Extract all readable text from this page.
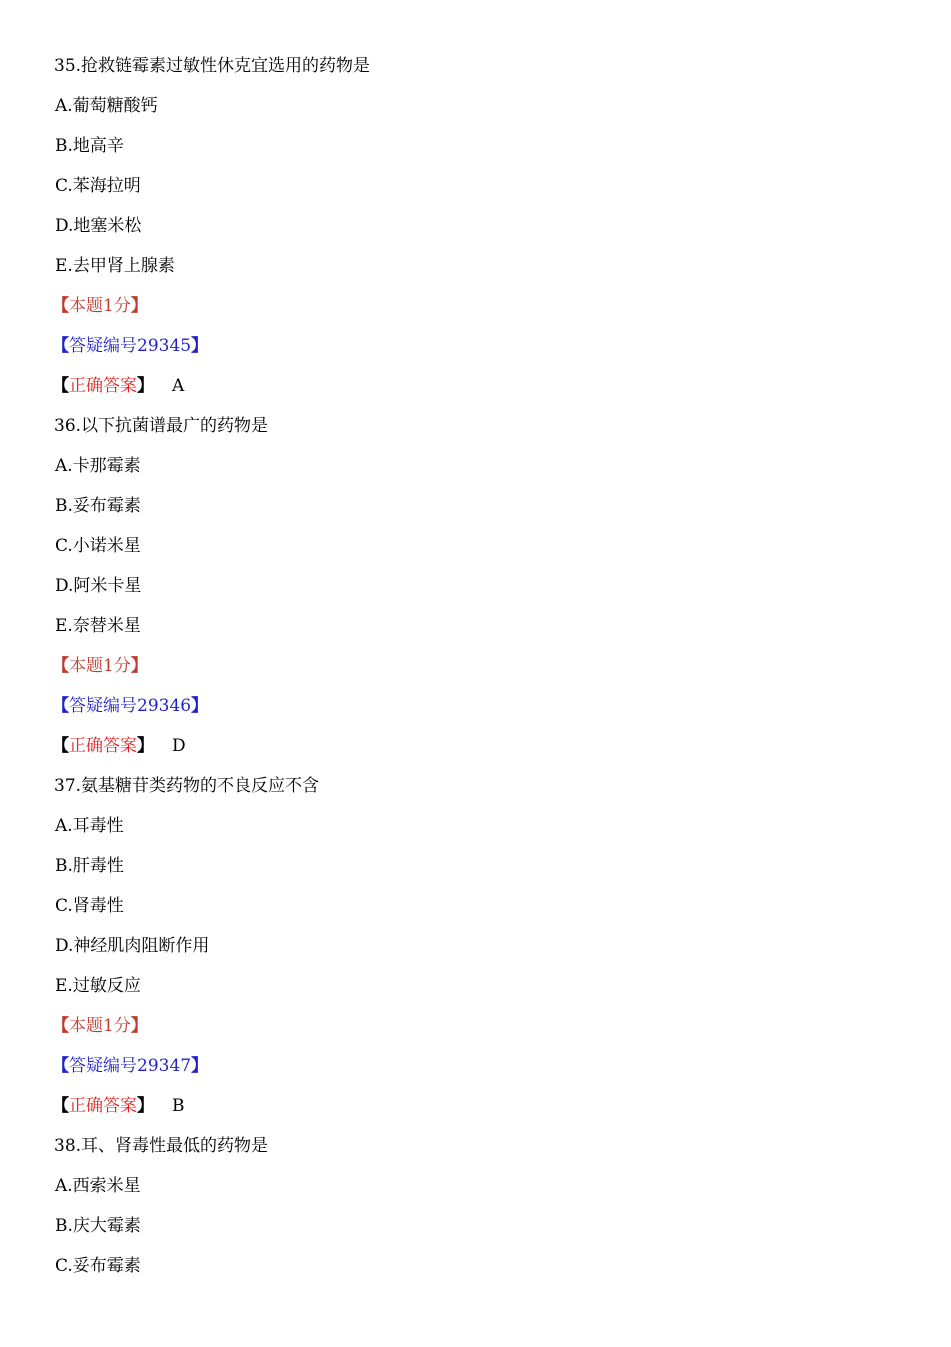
35.抢救链霉素过敏性休克宜选用的药物是
A.葡萄糖酸钙
B.地高辛
C.苯海拉明
D.地塞米松
E.去甲肾上腺素
【本题1分】
【答疑编号29345】
【正确答案】 A
36.以下抗菌谱最广的药物是
A.卡那霉素
B.妥布霉素
C.小诺米星
D.阿米卡星
E.奈替米星
【本题1分】
【答疑编号29346】
【正确答案】 D
37.氨基糖苷类药物的不良反应不含
A.耳毒性
B.肝毒性
C.肾毒性
D.神经肌肉阻断作用
E.过敏反应
【本题1分】
【答疑编号29347】
【正确答案】 B
38.耳、肾毒性最低的药物是
A.西索米星
B.庆大霉素
C.妥布霉素
